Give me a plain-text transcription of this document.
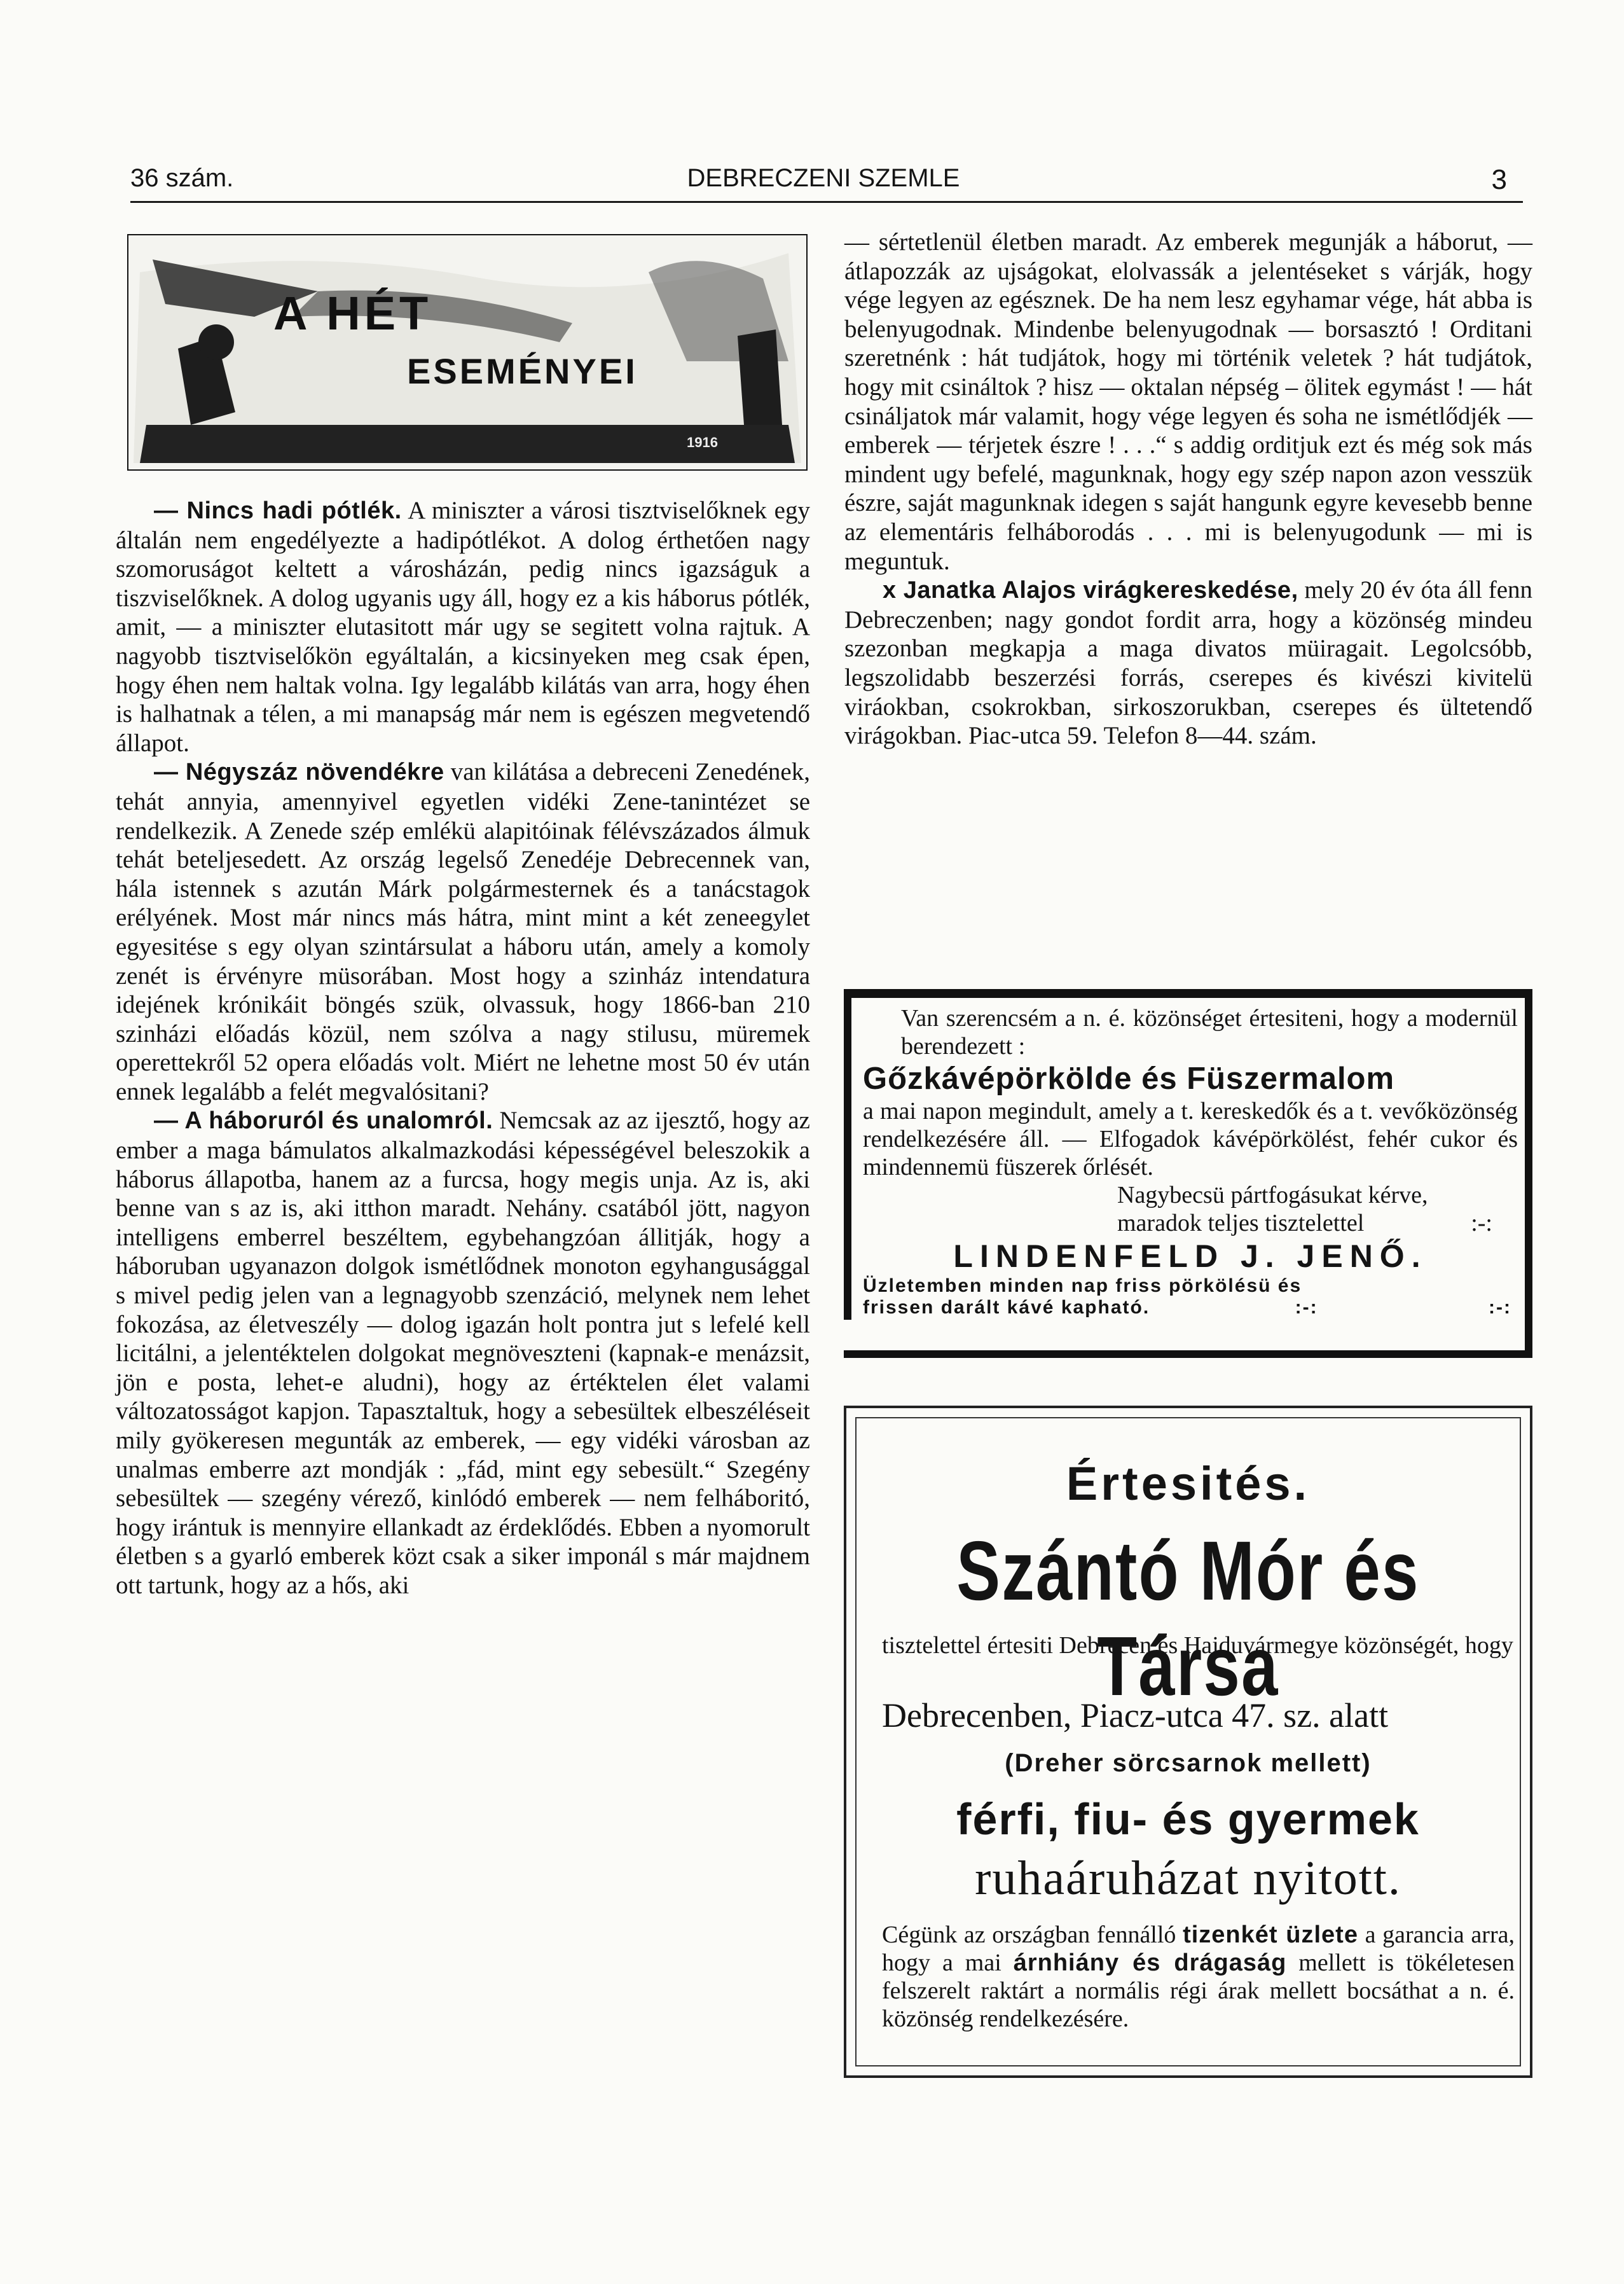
36 szám.	DEBRECZENI SZEMLE	3
A HÉT
ESEMÉNYEI
1916

— Nincs hadi pótlék. A miniszter a városi tisztviselőknek egy általán nem engedélyezte a hadipótlékot. A dolog érthetően nagy szomoruságot keltett a városházán, pedig nincs igazságuk a tiszviselőknek. A dolog ugyanis ugy áll, hogy ez a kis háborus pótlék, amit, — a miniszter elutasitott már ugy se segitett volna rajtuk. A nagyobb tisztviselőkön egyáltalán, a kicsinyeken meg csak épen, hogy éhen nem haltak volna. Igy legalább kilátás van arra, hogy éhen is halhatnak a télen, a mi manapság már nem is egészen megvetendő állapot.

— Négyszáz növendékre van kilátása a debreceni Zenedének, tehát annyia, amennyivel egyetlen vidéki Zene-tanintézet se rendelkezik. A Zenede szép emlékü alapitóinak félévszázados álmuk tehát beteljesedett. Az ország legelső Zenedéje Debrecennek van, hála istennek s azután Márk polgármesternek és a tanácstagok erélyének. Most már nincs más hátra, mint mint a két zeneegylet egyesitése s egy olyan szintársulat a háboru után, amely a komoly zenét is érvényre müsorában. Most hogy a szinház intendatura idejének krónikáit böngés szük, olvassuk, hogy 1866-ban 210 szinházi előadás közül, nem szólva a nagy stilusu, müremek operettekről 52 opera előadás volt. Miért ne lehetne most 50 év után ennek legalább a felét megvalósitani?

— A háboruról és unalomról. Nemcsak az az ijesztő, hogy az ember a maga bámulatos alkalmazkodási képességével beleszokik a háborus állapotba, hanem az a furcsa, hogy megis unja. Az is, aki benne van s az is, aki itthon maradt. Nehány. csatából jött, nagyon intelligens emberrel beszéltem, egybehangzóan állitják, hogy a háboruban ugyanazon dolgok ismétlődnek monoton egyhangusággal s mivel pedig jelen van a legnagyobb szenzáció, melynek nem lehet fokozása, az életveszély — dolog igazán holt pontra jut s lefelé kell licitálni, a jelentéktelen dolgokat megnöveszteni (kapnak-e menázsit, jön e posta, lehet-e aludni), hogy az értéktelen élet valami változatosságot kapjon. Tapasztaltuk, hogy a sebesültek elbeszéléseit mily gyökeresen megunták az emberek, — egy vidéki városban az unalmas emberre azt mondják : „fád, mint egy sebesült.“ Szegény sebesültek — szegény vérező, kinlódó emberek — nem felháboritó, hogy irántuk is mennyire ellankadt az érdeklődés. Ebben a nyomorult életben s a gyarló emberek közt csak a siker imponál s már majdnem ott tartunk, hogy az a hős, aki

— sértetlenül életben maradt. Az emberek megunják a háborut, — átlapozzák az ujságokat, elolvassák a jelentéseket s várják, hogy vége legyen az egésznek. De ha nem lesz egyhamar vége, hát abba is belenyugodnak. Mindenbe belenyugodnak — borsasztó ! Orditani szeretnénk : hát tudjátok, hogy mi történik veletek ? hát tudjátok, hogy mit csináltok ? hisz — oktalan népség – ölitek egymást ! — hát csináljatok már valamit, hogy vége legyen és soha ne ismétlődjék — emberek — térjetek észre ! . . .“ s addig orditjuk ezt és még sok más mindent ugy befelé, magunknak, hogy egy szép napon azon vesszük észre, saját magunknak idegen s saját hangunk egyre kevesebb benne az elementáris felháborodás . . . mi is belenyugodunk — mi is meguntuk.

x Janatka Alajos virágkereskedése, mely 20 év óta áll fenn Debreczenben; nagy gondot fordit arra, hogy a közönség mindeu szezonban megkapja a maga divatos müiragait. Legolcsóbb, legszolidabb beszerzési forrás, cserepes és kivészi kivitelü viráokban, csokrokban, sirkoszorukban, cserepes és ültetendő virágokban. Piac-utca 59. Telefon 8—44. szám.

Van szerencsém a n. é. közönséget értesiteni, hogy a modernül berendezett :
Gőzkávépörkölde és Füszermalom
a mai napon megindult, amely a t. kereskedők és a t. vevőközönség rendelkezésére áll. — Elfogadok kávépörkölést, fehér cukor és mindennemü füszerek őrlését.
Nagybecsü pártfogásukat kérve,
maradok teljes tisztelettel	:-:
LINDENFELD J. JENŐ.
Üzletemben minden nap friss pörkölésü és
frissen darált kávé kapható.	:-:	:-:
Értesités.
Szántó Mór és Társa
tisztelettel értesiti Debrecen és Hajduvármegye közönségét, hogy
Debrecenben, Piacz-utca 47. sz. alatt
(Dreher sörcsarnok mellett)
férfi, fiu- és gyermek
ruhaáruházat nyitott.
Cégünk az országban fennálló tizenkét üzlete a garancia arra, hogy a mai árnhiány és drágaság mellett is tökéletesen felszerelt raktárt a normális régi árak mellett bocsáthat a n. é. közönség rendelkezésére.
